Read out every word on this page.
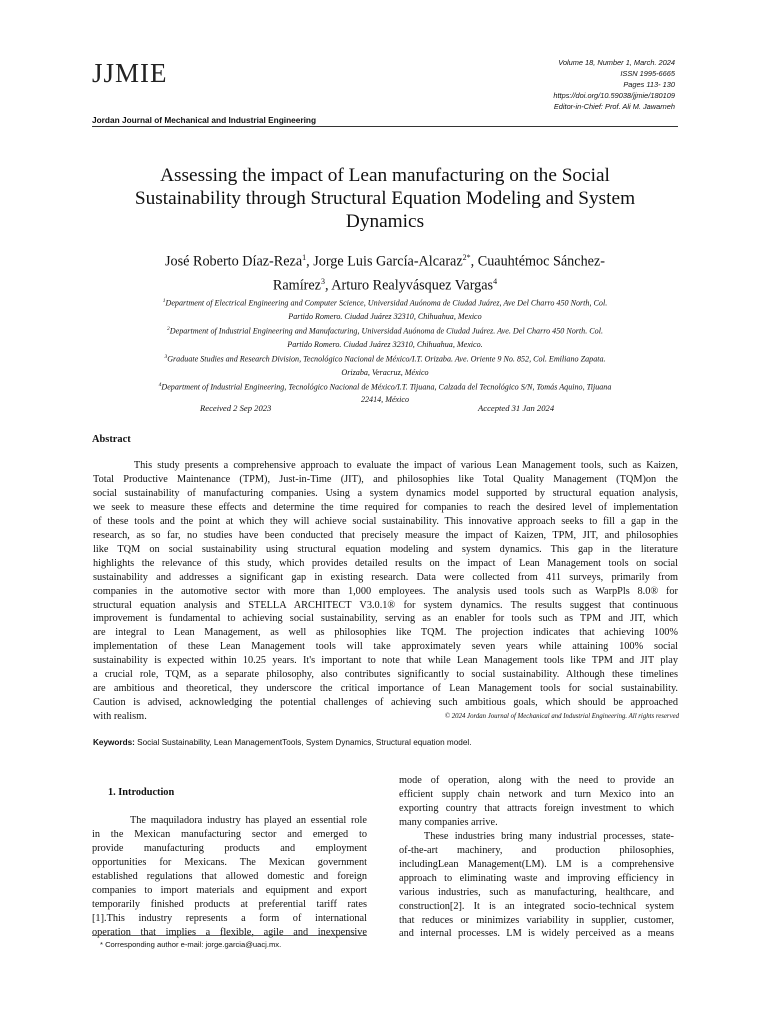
JJMIE	Volume 18, Number 1, March. 2024
ISSN 1995-6665
Pages 113- 130
https://doi.org/10.59038/jjmie/180109
Editor-in-Chief: Prof. Ali M. Jawarneh
Jordan Journal of Mechanical and Industrial Engineering
Assessing the impact of Lean manufacturing on the Social
Sustainability through Structural Equation Modeling and System
Dynamics
José Roberto Díaz-Reza$^1$, Jorge Luis García-Alcaraz$^{2*}$, Cuauhtémoc Sánchez-
Ramírez$^3$, Arturo Realyvásquez Vargas$^4$
$^1$Department of Electrical Engineering and Computer Science, Universidad Auónoma de Ciudad Juárez, Ave Del Charro 450 North, Col.
Partido Romero. Ciudad Juárez 32310, Chihuahua, Mexico
$^2$Department of Industrial Engineering and Manufacturing, Universidad Auónoma de Ciudad Juárez. Ave. Del Charro 450 North. Col.
Partido Romero. Ciudad Juárez 32310, Chihuahua, Mexico.
$^3$Graduate Studies and Research Division, Tecnológico Nacional de México/I.T. Orizaba. Ave. Oriente 9 No. 852, Col. Emiliano Zapata.
Orizaba, Veracruz, México
$^4$Department of Industrial Engineering, Tecnológico Nacional de México/I.T. Tijuana, Calzada del Tecnológico S/N, Tomás Aquino, Tijuana
22414, México
Received 2 Sep 2023	Accepted 31 Jan 2024
Abstract
This study presents a comprehensive approach to evaluate the impact of various Lean Management tools, such as Kaizen,
Total Productive Maintenance (TPM), Just-in-Time (JIT), and philosophies like Total Quality Management (TQM)on the
social sustainability of manufacturing companies. Using a system dynamics model supported by structural equation analysis,
we seek to measure these effects and determine the time required for companies to reach the desired level of implementation
of these tools and the point at which they will achieve social sustainability. This innovative approach seeks to fill a gap in the
research, as so far, no studies have been conducted that precisely measure the impact of Kaizen, TPM, JIT, and philosophies
like TQM on social sustainability using structural equation modeling and system dynamics. This gap in the literature
highlights the relevance of this study, which provides detailed results on the impact of Lean Management tools on social
sustainability and addresses a significant gap in existing research. Data were collected from 411 surveys, primarily from
companies in the automotive sector with more than 1,000 employees. The analysis used tools such as WarpPls 8.0® for
structural equation analysis and STELLA ARCHITECT V3.0.1® for system dynamics. The results suggest that continuous
improvement is fundamental to achieving social sustainability, serving as an enabler for tools such as TPM and JIT, which
are integral to Lean Management, as well as philosophies like TQM. The projection indicates that achieving 100%
implementation of these Lean Management tools will take approximately seven years while attaining 100% social
sustainability is expected within 10.25 years. It's important to note that while Lean Management tools like TPM and JIT play
a crucial role, TQM, as a separate philosophy, also contributes significantly to social sustainability. Although these timelines
are ambitious and theoretical, they underscore the critical importance of Lean Management tools for social sustainability.
Caution is advised, acknowledging the potential challenges of achieving such ambitious goals, which should be approached
with realism.	© 2024 Jordan Journal of Mechanical and Industrial Engineering. All rights reserved
Keywords: Social Sustainability, Lean ManagementTools, System Dynamics, Structural equation model.
1. Introduction
The maquiladora industry has played an essential role
in the Mexican manufacturing sector and emerged to
provide    manufacturing    products    and    employment
opportunities for Mexicans. The Mexican government
established regulations that allowed domestic and foreign
companies to import materials and equipment and export
temporarily finished products at preferential tariff rates
[1].This industry represents a form of international
operation that implies a flexible, agile and inexpensive
mode of operation, along with the need to provide an
efficient supply chain network and turn Mexico into an
exporting country that attracts foreign investment to which
many companies arrive.
These industries bring many industrial processes, state-
of-the-art machinery, and production philosophies,
includingLean Management(LM). LM is a comprehensive
approach to eliminating waste and improving efficiency in
various industries, such as manufacturing, healthcare, and
construction[2]. It is an integrated socio-technical system
that reduces or minimizes variability in supplier, customer,
and internal processes. LM is widely perceived as a means
* Corresponding author e-mail: jorge.garcia@uacj.mx.
